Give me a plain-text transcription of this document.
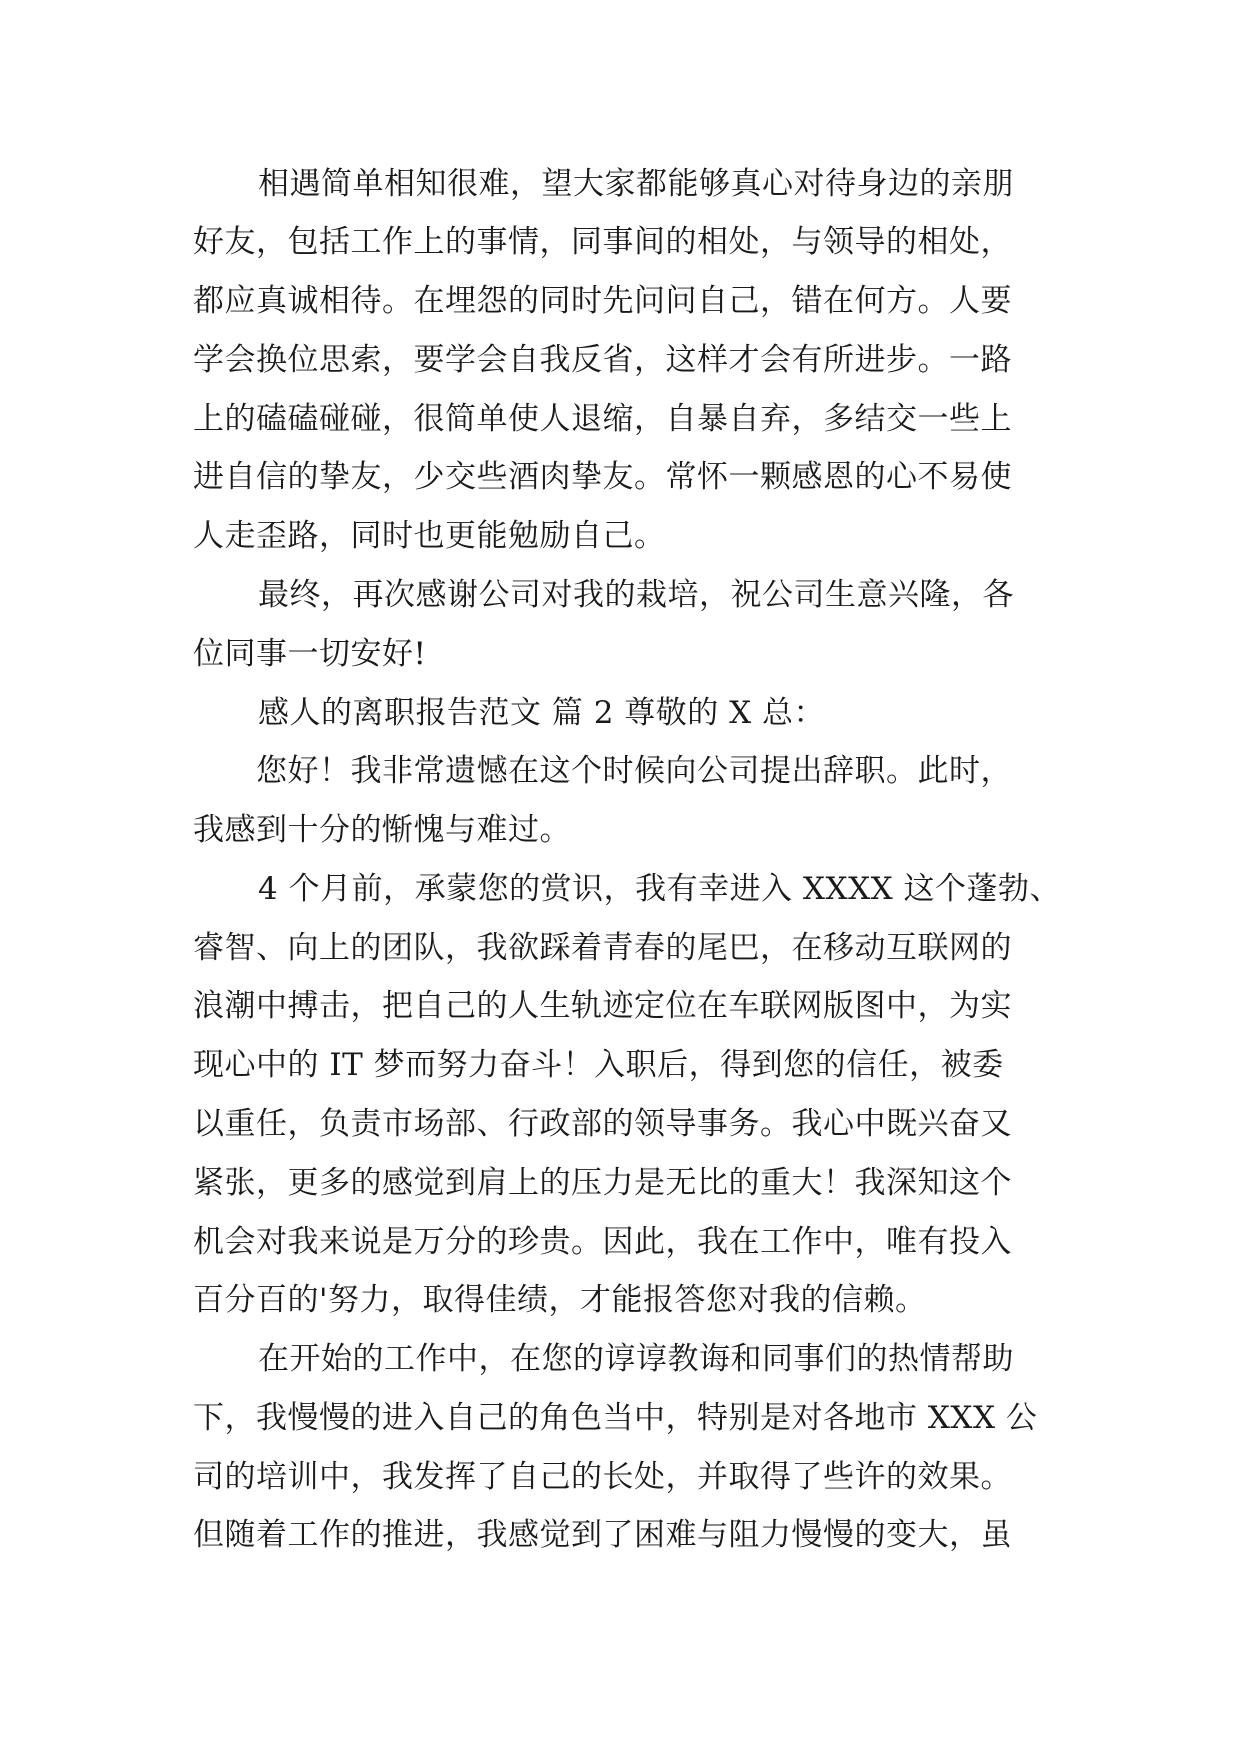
相遇简单相知很难，望大家都能够真心对待身边的亲朋

好友，包括工作上的事情，同事间的相处，与领导的相处，

都应真诚相待。在埋怨的同时先问问自己，错在何方。人要

学会换位思索，要学会自我反省，这样才会有所进步。一路

上的磕磕碰碰，很简单使人退缩，自暴自弃，多结交一些上

进自信的挚友，少交些酒肉挚友。常怀一颗感恩的心不易使

人走歪路，同时也更能勉励自己。

最终，再次感谢公司对我的栽培，祝公司生意兴隆，各

位同事一切安好!

感人的离职报告范文 篇 2 尊敬的 X 总：

您好！我非常遗憾在这个时候向公司提出辞职。此时，

我感到十分的惭愧与难过。

4 个月前，承蒙您的赏识，我有幸进入 XXXX 这个蓬勃、

睿智、向上的团队，我欲踩着青春的尾巴，在移动互联网的

浪潮中搏击，把自己的人生轨迹定位在车联网版图中，为实

现心中的 IT 梦而努力奋斗！入职后，得到您的信任，被委

以重任，负责市场部、行政部的领导事务。我心中既兴奋又

紧张，更多的感觉到肩上的压力是无比的重大！我深知这个

机会对我来说是万分的珍贵。因此，我在工作中，唯有投入

百分百的'努力，取得佳绩，才能报答您对我的信赖。

在开始的工作中，在您的谆谆教诲和同事们的热情帮助

下，我慢慢的进入自己的角色当中，特别是对各地市 XXX 公

司的培训中，我发挥了自己的长处，并取得了些许的效果。

但随着工作的推进，我感觉到了困难与阻力慢慢的变大，虽
